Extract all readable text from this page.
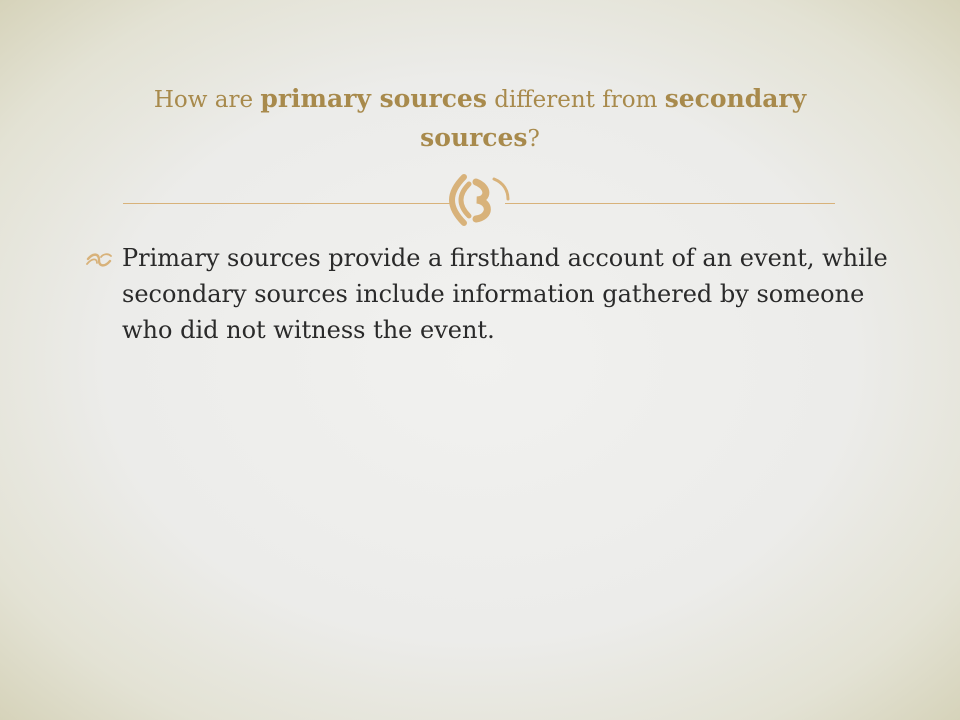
How are primary sources different from secondary
sources?

Primary sources provide a firsthand account of an event, while secondary sources include information gathered by someone who did not witness the event.
